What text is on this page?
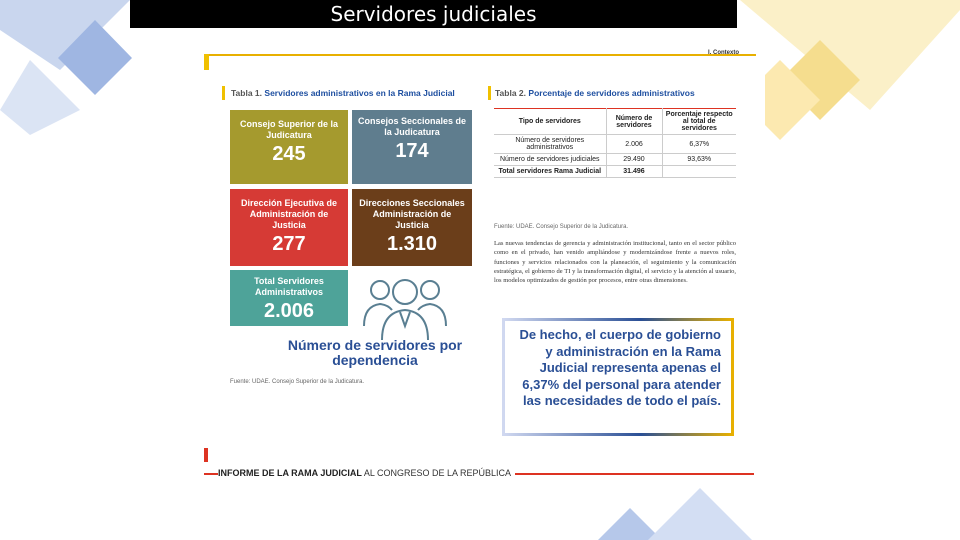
Servidores judiciales
I. Contexto
Tabla 1. Servidores administrativos en la Rama Judicial
Consejo Superior de la Judicatura
245
Consejos Seccionales de la Judicatura
174
Dirección Ejecutiva de Administración de Justicia
277
Direcciones Seccionales Administración de Justicia
1.310
Total Servidores Administrativos
2.006
Número de servidores por dependencia
Fuente: UDAE. Consejo Superior de la Judicatura.
Tabla 2. Porcentaje de servidores administrativos
Tipo de servidores	Número de servidores	Porcentaje respecto al total de servidores
Número de servidores administrativos	2.006	6,37%
Número de servidores judiciales	29.490	93,63%
Total servidores Rama Judicial	31.496	
Fuente: UDAE. Consejo Superior de la Judicatura.
Las nuevas tendencias de gerencia y administración institucional, tanto en el sector público como en el privado, han venido ampliándose y modernizándose frente a nuevos roles, funciones y servicios relacionados con la planeación, el seguimiento y la comunicación estratégica, el gobierno de TI y la transformación digital, el servicio y la atención al usuario, los modelos optimizados de gestión por procesos, entre otras dimensiones.
De hecho, el cuerpo de gobierno y administración en la Rama Judicial representa apenas el 6,37% del personal para atender las necesidades de todo el país.
INFORME DE LA RAMA JUDICIAL AL CONGRESO DE LA REPÚBLICA
